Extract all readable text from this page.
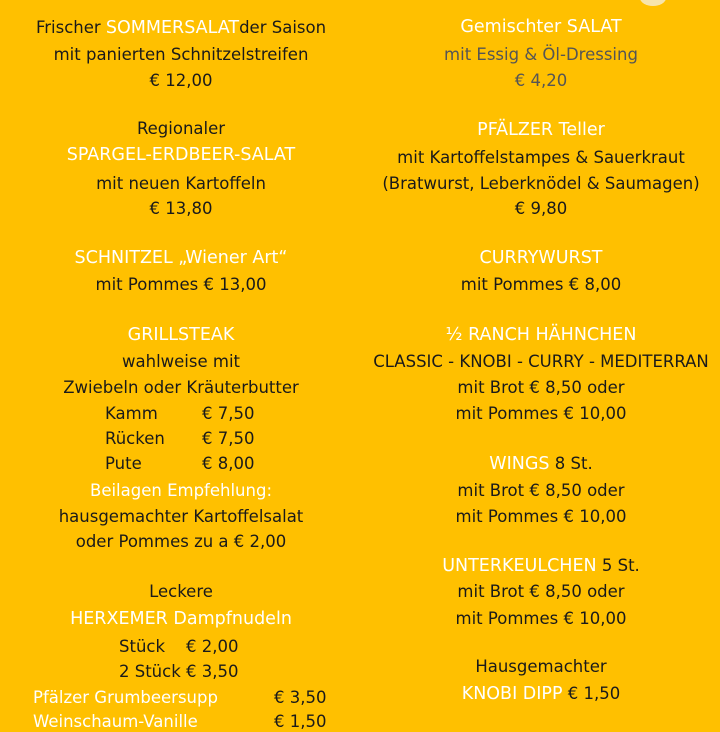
Frischer SOMMERSALATder Saison
mit panierten Schnitzelstreifen
€ 12,00
Regionaler
SPARGEL-ERDBEER-SALAT
mit neuen Kartoffeln
€ 13,80
SCHNITZEL „Wiener Art“
mit Pommes € 13,00
GRILLSTEAK
wahlweise mit
Zwiebeln oder Kräuterbutter
Kamm	€ 7,50
Rücken € 7,50
Pute	€ 8,00
Beilagen Empfehlung:
hausgemachter Kartoffelsalat
oder Pommes zu a € 2,00
Leckere
HERXEMER Dampfnudeln
Stück € 2,00
2 Stück € 3,50
Pfälzer Grumbeersupp	€ 3,50
Weinschaum-Vanille	€ 1,50
Gemischter SALAT
mit Essig & Öl-Dressing
€ 4,20
PFÄLZER Teller
mit Kartoffelstampes & Sauerkraut
(Bratwurst, Leberknödel & Saumagen)
€ 9,80
CURRYWURST
mit Pommes € 8,00
½ RANCH HÄHNCHEN
CLASSIC - KNOBI - CURRY - MEDITERRAN
mit Brot € 8,50 oder
mit Pommes € 10,00
WINGS 8 St.
mit Brot € 8,50 oder
mit Pommes € 10,00
UNTERKEULCHEN 5 St.
mit Brot € 8,50 oder
mit Pommes € 10,00
Hausgemachter
KNOBI DIPP € 1,50
